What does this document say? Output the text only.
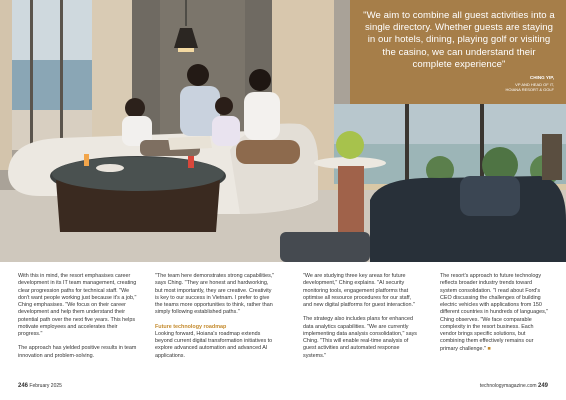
"We aim to combine all guest activities into a single directory. Whether guests are staying in our hotels, dining, playing golf or visiting the casino, we can understand their complete experience"
CHING YIP,
VP AND HEAD OF IT,
HOIANA RESORT & GOLF

With this in mind, the resort emphasises career development in its IT team management, creating clear progression paths for technical staff. "We don't want people working just because it's a job," Ching emphasises. "We focus on their career development and help them understand their potential path over the next five years. This helps motivate employees and accelerates their progress."

The approach has yielded positive results in team innovation and problem-solving.

"The team here demonstrates strong capabilities," says Ching. "They are honest and hardworking, but most importantly, they are creative. Creativity is key to our success in Vietnam. I prefer to give the teams more opportunities to think, rather than simply following established paths."

Future technology roadmap

Looking forward, Hoiana's roadmap extends beyond current digital transformation initiatives to explore advanced automation and advanced AI applications.

"We are studying three key areas for future development," Ching explains. "AI security monitoring tools, engagement platforms that optimise all resource procedures for our staff, and new digital platforms for guest interaction."

The strategy also includes plans for enhanced data analytics capabilities. "We are currently implementing data analysis consolidation," says Ching. "This will enable real-time analysis of guest activities and automated response systems."

The resort's approach to future technology reflects broader industry trends toward system consolidation. "I read about Ford's CEO discussing the challenges of building electric vehicles with applications from 150 different countries in hundreds of languages," Ching observes. "We face comparable complexity in the resort business. Each vendor brings specific solutions, but combining them effectively remains our primary challenge." ■

246 February 2025	technologymagazine.com 249
